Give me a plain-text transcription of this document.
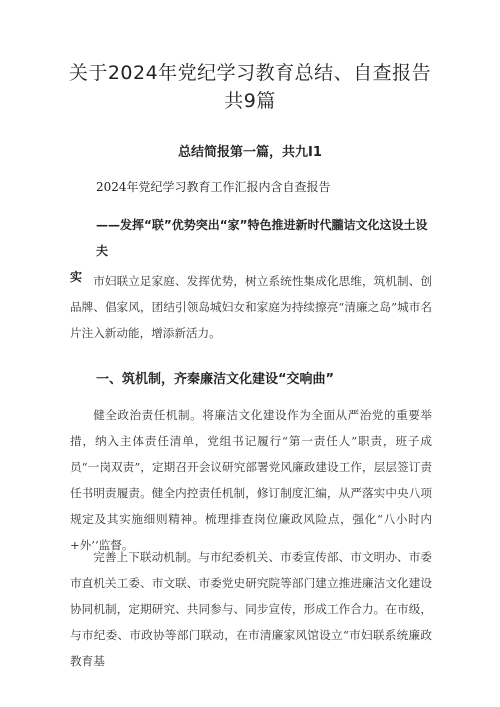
关于2024年党纪学习教育总结、自查报告
共9篇
总结简报第一篇，共九I1
2024年党纪学习教育工作汇报内含自查报告
——发挥“联”优势突出“家”特色推进新时代朧诘文化这设土设夫
实 市妇联立足家庭、发挥优势，树立系统性集成化思维，筑机制、创品牌、倡家风，团结引领岛城妇女和家庭为持续擦亮“清廉之岛”城市名片注入新动能，增添新活力。

一、筑机制，齐秦廉洁文化建设“交响曲”

健全政治责任机制。将廉洁文化建设作为全面从严治党的重要举措，纳入主体责任清单，党组书记履行“第一责任人”职责，班子成员“一岗双责”，定期召开会议研究部署党风廉政建设工作，层层签订责任书明责履责。健全内控责任机制，修订制度汇编，从严落实中央八项规定及其实施细则精神。梳理排查岗位廉政风险点，强化“八小时内+外’’监督。

完善上下联动机制。与市纪委机关、市委宣传部、市文明办、市委市直机关工委、市文联、市委党史研究院等部门建立推进廉洁文化建设协同机制，定期研究、共同参与、同步宣传，形成工作合力。在市级，与市纪委、市政协等部门联动，在市清廉家风馆设立“市妇联系统廉政教育基
